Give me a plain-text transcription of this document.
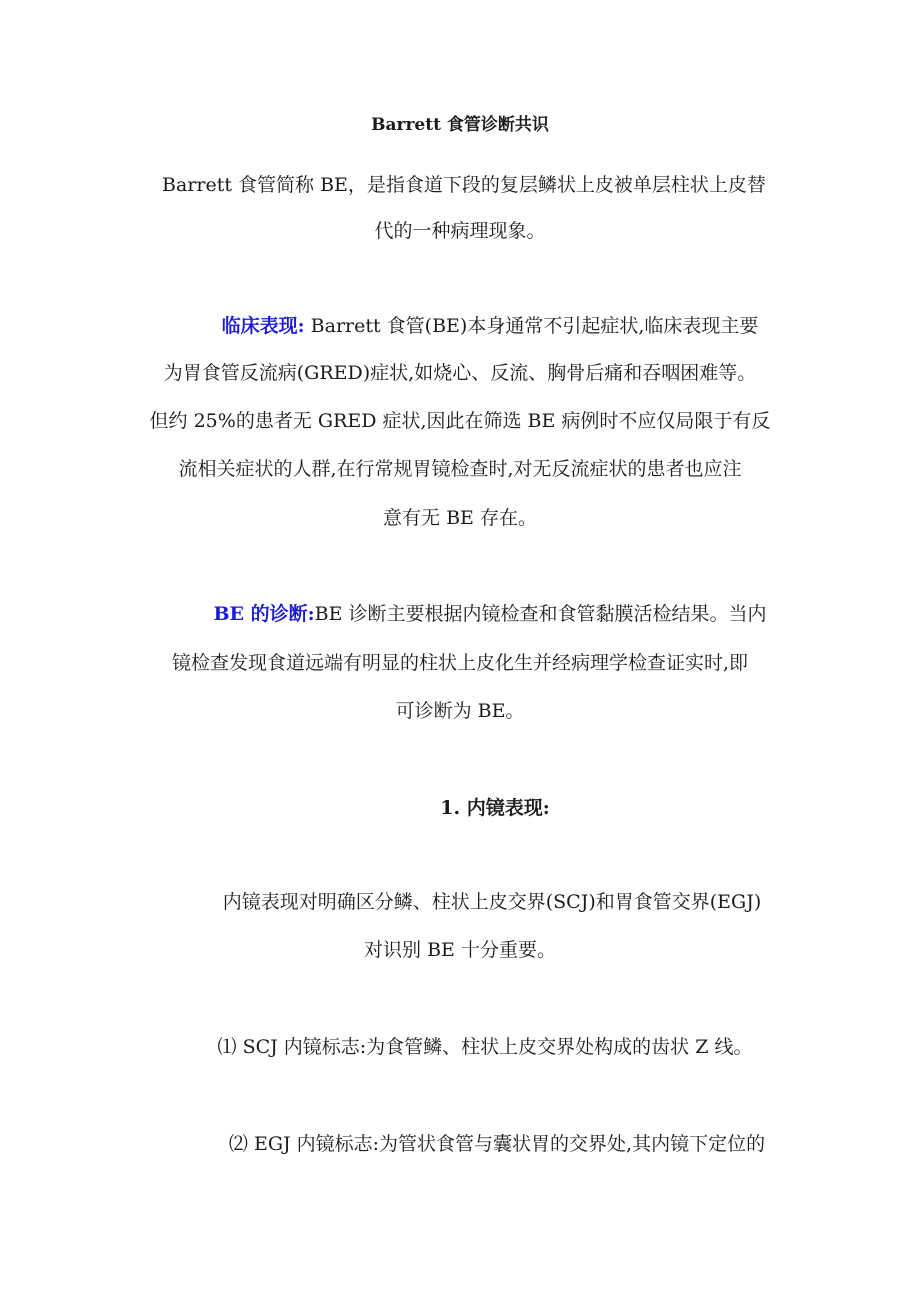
Barrett 食管诊断共识
Barrett 食管简称 BE，是指食道下段的复层鳞状上皮被单层柱状上皮替
代的一种病理现象。
临床表现: Barrett 食管(BE)本身通常不引起症状,临床表现主要
为胃食管反流病(GRED)症状,如烧心、反流、胸骨后痛和吞咽困难等。
但约 25%的患者无 GRED 症状,因此在筛选 BE 病例时不应仅局限于有反
流相关症状的人群,在行常规胃镜检查时,对无反流症状的患者也应注
意有无 BE 存在。
BE 的诊断:BE 诊断主要根据内镜检查和食管黏膜活检结果。当内
镜检查发现食道远端有明显的柱状上皮化生并经病理学检查证实时,即
可诊断为 BE。
1. 内镜表现:
内镜表现对明确区分鳞、柱状上皮交界(SCJ)和胃食管交界(EGJ)
对识别 BE 十分重要。
⑴ SCJ 内镜标志:为食管鳞、柱状上皮交界处构成的齿状 Z 线。
⑵ EGJ 内镜标志:为管状食管与囊状胃的交界处,其内镜下定位的
